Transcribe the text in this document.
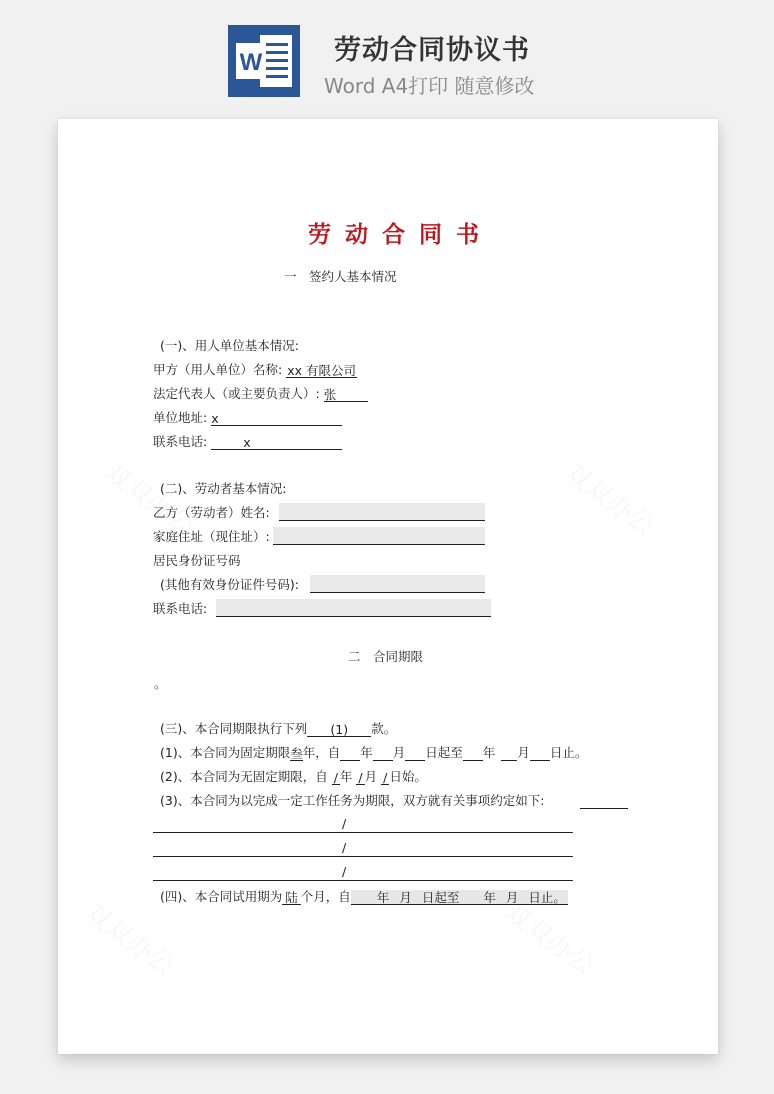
W	劳动合同协议书
Word A4打印 随意修改
劳动合同书
一　签约人基本情况
(一)、用人单位基本情况:
甲方（用人单位）名称: xx 有限公司
法定代表人（或主要负责人）: 张
单位地址: x
联系电话:	x
(二)、劳动者基本情况:
乙方（劳动者）姓名:
家庭住址（现住址）:
居民身份证号码
(其他有效身份证件号码):
联系电话:
二　合同期限
。
(三)、本合同期限执行下列 (1) 款。
(1)、本合同为固定期限叁年，自 年 月 日起至 年 月 日止。
(2)、本合同为无固定期限，自 / 年 / 月 / 日始。
(3)、本合同为以完成一定工作任务为期限，双方就有关事项约定如下:
/
/
/
(四)、本合同试用期为 陆 个月，自 年 月 日起至 年 月 日止。
